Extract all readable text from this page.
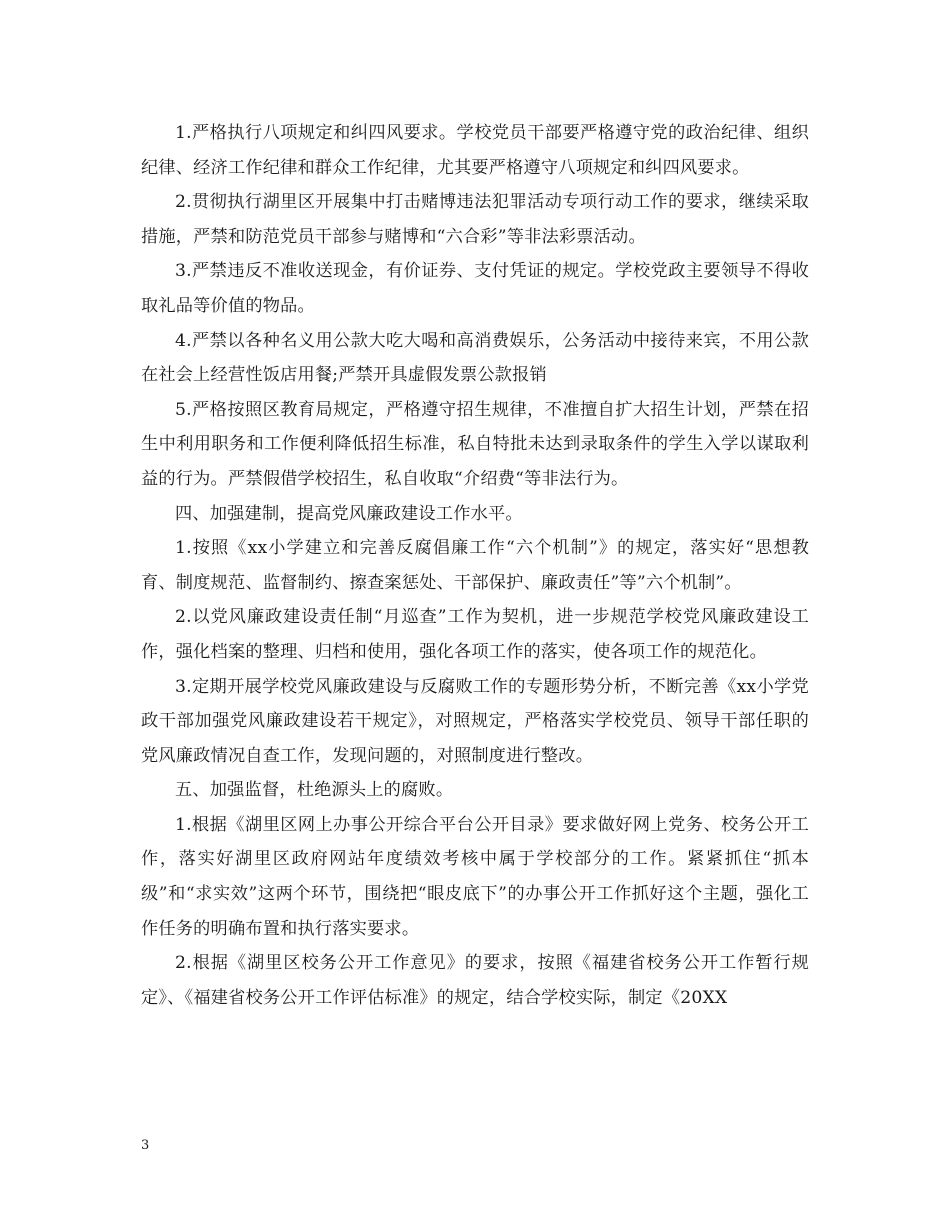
1.严格执行八项规定和纠四风要求。学校党员干部要严格遵守党的政治纪律、组织纪律、经济工作纪律和群众工作纪律，尤其要严格遵守八项规定和纠四风要求。

2.贯彻执行湖里区开展集中打击赌博违法犯罪活动专项行动工作的要求，继续采取措施，严禁和防范党员干部参与赌博和“六合彩”等非法彩票活动。

3.严禁违反不准收送现金，有价证券、支付凭证的规定。学校党政主要领导不得收取礼品等价值的物品。

4.严禁以各种名义用公款大吃大喝和高消费娱乐，公务活动中接待来宾，不用公款在社会上经营性饭店用餐;严禁开具虚假发票公款报销

5.严格按照区教育局规定，严格遵守招生规律，不准擅自扩大招生计划，严禁在招生中利用职务和工作便利降低招生标准，私自特批未达到录取条件的学生入学以谋取利益的行为。严禁假借学校招生，私自收取“介绍费“等非法行为。

四、加强建制，提高党风廉政建设工作水平。

1.按照《xx小学建立和完善反腐倡廉工作“六个机制”》的规定，落实好“思想教育、制度规范、监督制约、擦查案惩处、干部保护、廉政责任”等”六个机制”。

2.以党风廉政建设责任制“月巡查”工作为契机，进一步规范学校党风廉政建设工作，强化档案的整理、归档和使用，强化各项工作的落实，使各项工作的规范化。

3.定期开展学校党风廉政建设与反腐败工作的专题形势分析，不断完善《xx小学党政干部加强党风廉政建设若干规定》，对照规定，严格落实学校党员、领导干部任职的党风廉政情况自查工作，发现问题的，对照制度进行整改。

五、加强监督，杜绝源头上的腐败。

1.根据《湖里区网上办事公开综合平台公开目录》要求做好网上党务、校务公开工作，落实好湖里区政府网站年度绩效考核中属于学校部分的工作。紧紧抓住“抓本级”和“求实效”这两个环节，围绕把“眼皮底下”的办事公开工作抓好这个主题，强化工作任务的明确布置和执行落实要求。

2.根据《湖里区校务公开工作意见》的要求，按照《福建省校务公开工作暂行规定》、《福建省校务公开工作评估标准》的规定，结合学校实际，制定《20XX

3
